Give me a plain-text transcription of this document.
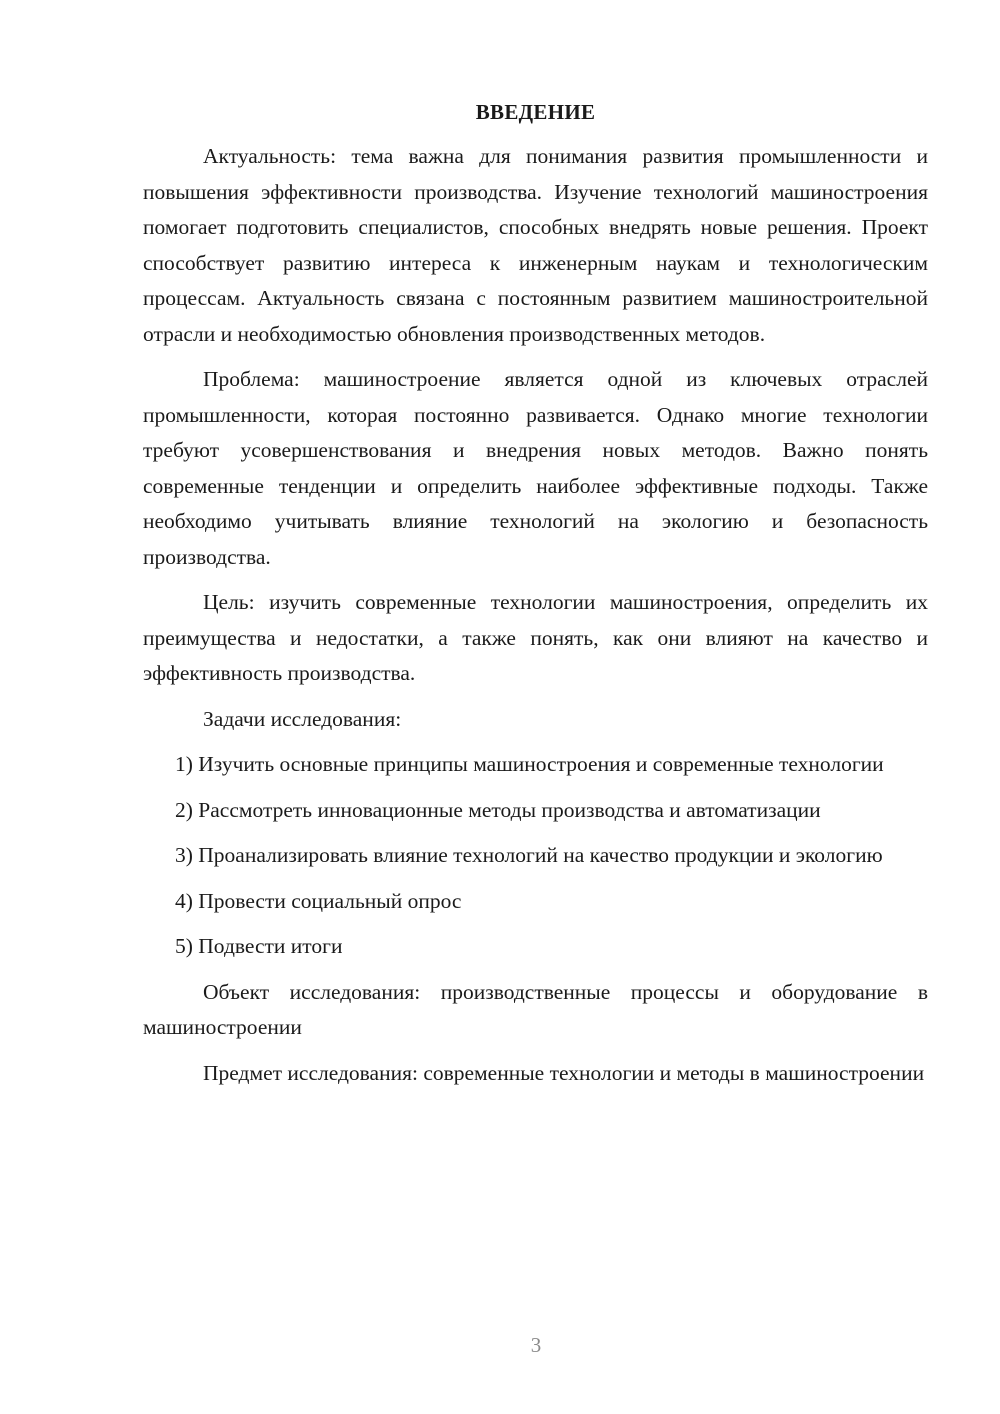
ВВЕДЕНИЕ

Актуальность: тема важна для понимания развития промышленности и повышения эффективности производства. Изучение технологий машиностроения помогает подготовить специалистов, способных внедрять новые решения. Проект способствует развитию интереса к инженерным наукам и технологическим процессам. Актуальность связана с постоянным развитием машиностроительной отрасли и необходимостью обновления производственных методов.

Проблема: машиностроение является одной из ключевых отраслей промышленности, которая постоянно развивается. Однако многие технологии требуют усовершенствования и внедрения новых методов. Важно понять современные тенденции и определить наиболее эффективные подходы. Также необходимо учитывать влияние технологий на экологию и безопасность производства.

Цель: изучить современные технологии машиностроения, определить их преимущества и недостатки, а также понять, как они влияют на качество и эффективность производства.

Задачи исследования:

1) Изучить основные принципы машиностроения и современные технологии

2) Рассмотреть инновационные методы производства и автоматизации

3) Проанализировать влияние технологий на качество продукции и экологию

4) Провести социальный опрос

5) Подвести итоги

Объект исследования: производственные процессы и оборудование в машиностроении

Предмет исследования: современные технологии и методы в машиностроении

3
